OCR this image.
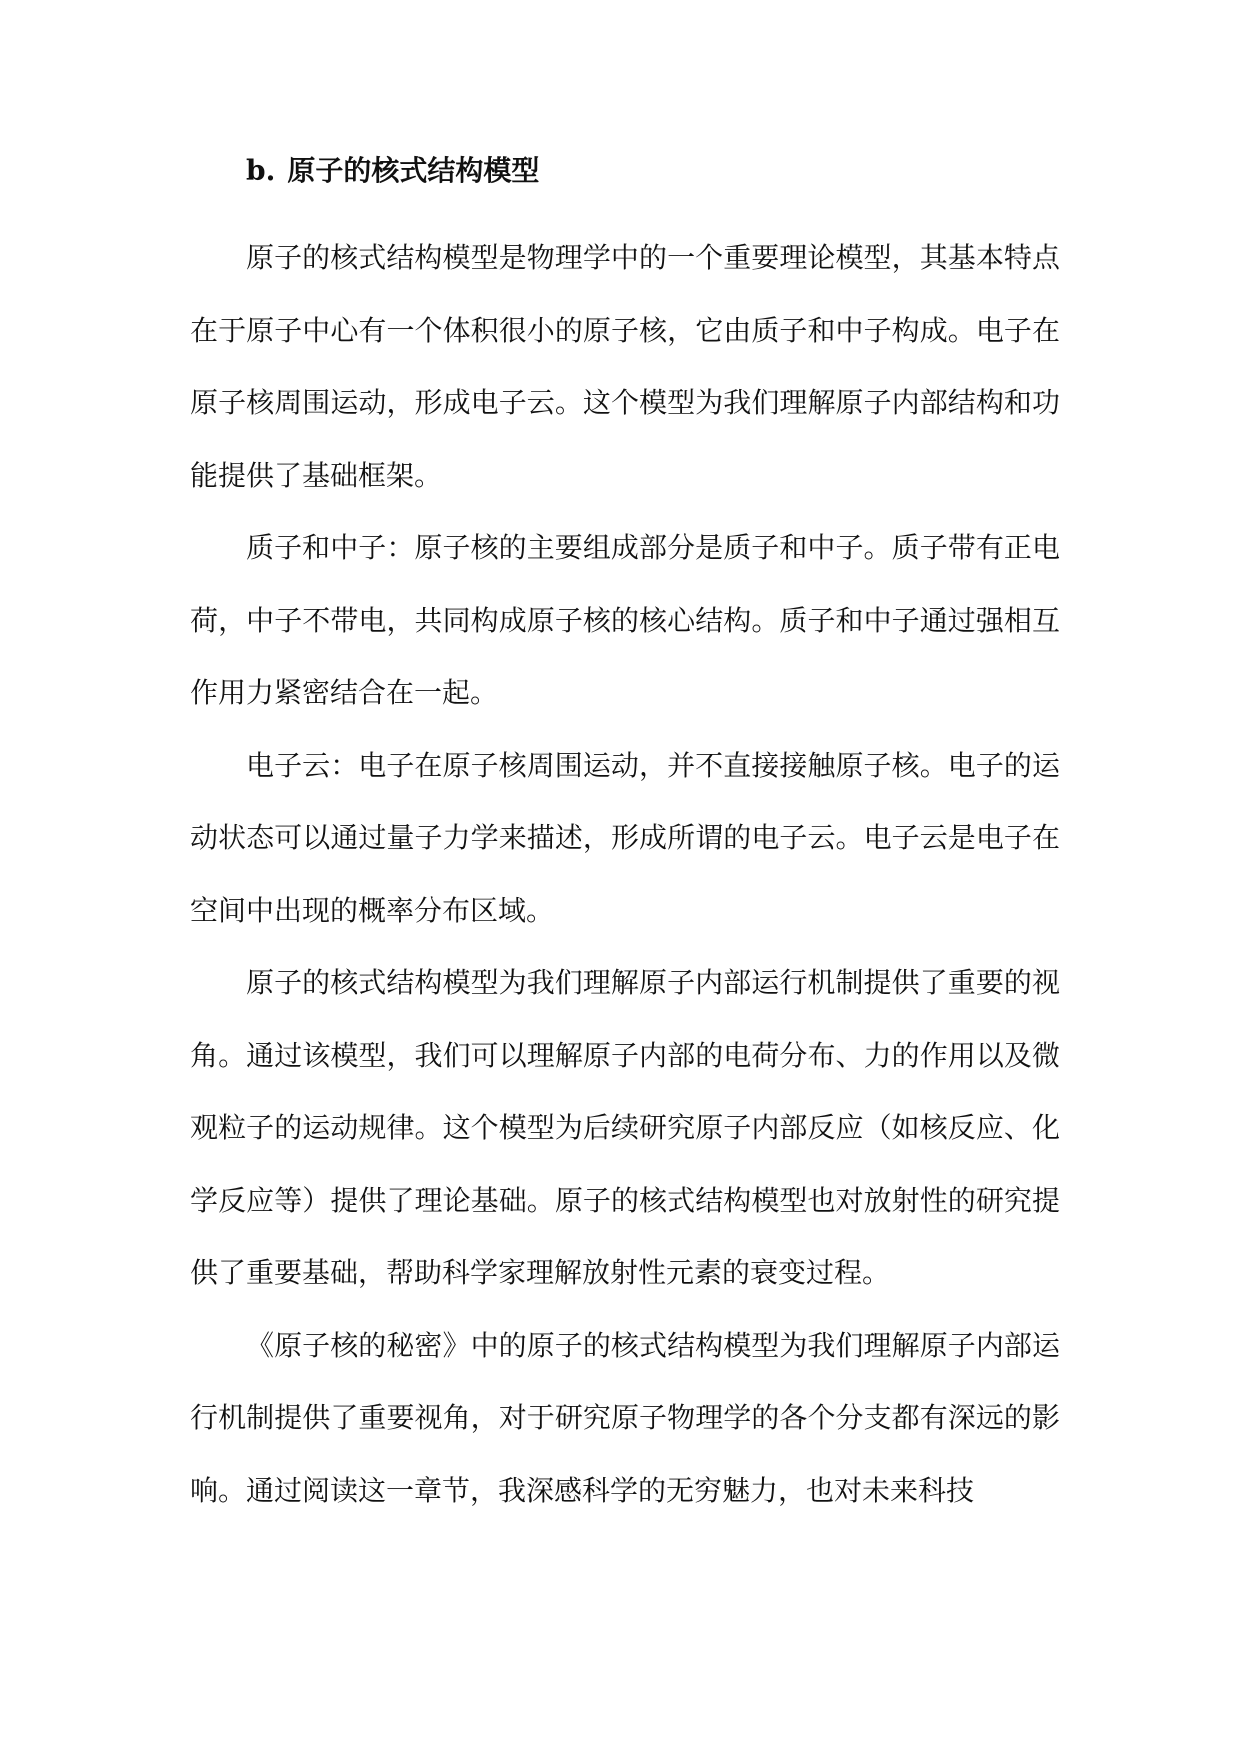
b. 原子的核式结构模型

原子的核式结构模型是物理学中的一个重要理论模型，其基本特点在于原子中心有一个体积很小的原子核，它由质子和中子构成。电子在原子核周围运动，形成电子云。这个模型为我们理解原子内部结构和功能提供了基础框架。

质子和中子：原子核的主要组成部分是质子和中子。质子带有正电荷，中子不带电，共同构成原子核的核心结构。质子和中子通过强相互作用力紧密结合在一起。

电子云：电子在原子核周围运动，并不直接接触原子核。电子的运动状态可以通过量子力学来描述，形成所谓的电子云。电子云是电子在空间中出现的概率分布区域。

原子的核式结构模型为我们理解原子内部运行机制提供了重要的视角。通过该模型，我们可以理解原子内部的电荷分布、力的作用以及微观粒子的运动规律。这个模型为后续研究原子内部反应（如核反应、化学反应等）提供了理论基础。原子的核式结构模型也对放射性的研究提供了重要基础，帮助科学家理解放射性元素的衰变过程。

《原子核的秘密》中的原子的核式结构模型为我们理解原子内部运行机制提供了重要视角，对于研究原子物理学的各个分支都有深远的影响。通过阅读这一章节，我深感科学的无穷魅力，也对未来科技
